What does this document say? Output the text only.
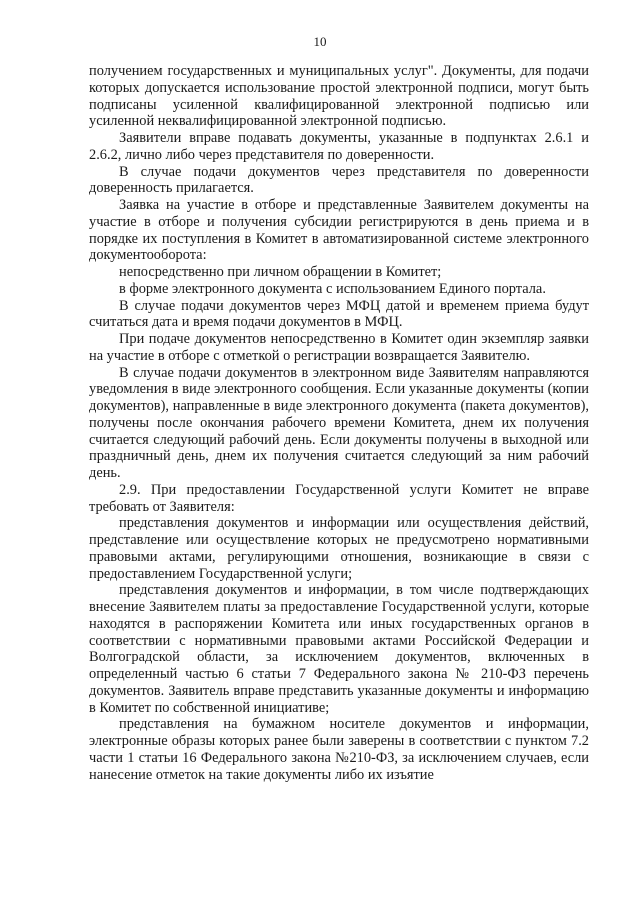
10

получением государственных и муниципальных услуг". Документы, для подачи которых допускается использование простой электронной подписи, могут быть подписаны усиленной квалифицированной электронной подписью или усиленной неквалифицированной электронной подписью.

Заявители вправе подавать документы, указанные в подпунктах 2.6.1 и 2.6.2, лично либо через представителя по доверенности.

В случае подачи документов через представителя по доверенности доверенность прилагается.

Заявка на участие в отборе и представленные Заявителем документы на участие в отборе и получения субсидии регистрируются в день приема и в порядке их поступления в Комитет в автоматизированной системе электронного документооборота:

непосредственно при личном обращении в Комитет;

в форме электронного документа с использованием Единого портала.

В случае подачи документов через МФЦ датой и временем приема будут считаться дата и время подачи документов в МФЦ.

При подаче документов непосредственно в Комитет один экземпляр заявки на участие в отборе с отметкой о регистрации возвращается Заявителю.

В случае подачи документов в электронном виде Заявителям направляются уведомления в виде электронного сообщения. Если указанные документы (копии документов), направленные в виде электронного документа (пакета документов), получены после окончания рабочего времени Комитета, днем их получения считается следующий рабочий день. Если документы получены в выходной или праздничный день, днем их получения считается следующий за ним рабочий день.

2.9. При предоставлении Государственной услуги Комитет не вправе требовать от Заявителя:

представления документов и информации или осуществления действий, представление или осуществление которых не предусмотрено нормативными правовыми актами, регулирующими отношения, возникающие в связи с предоставлением Государственной услуги;

представления документов и информации, в том числе подтверждающих внесение Заявителем платы за предоставление Государственной услуги, которые находятся в распоряжении Комитета или иных государственных органов в соответствии с нормативными правовыми актами Российской Федерации и Волгоградской области, за исключением документов, включенных в определенный частью 6 статьи 7 Федерального закона № 210-ФЗ перечень документов. Заявитель вправе представить указанные документы и информацию в Комитет по собственной инициативе;

представления на бумажном носителе документов и информации, электронные образы которых ранее были заверены в соответствии с пунктом 7.2 части 1 статьи 16 Федерального закона №210-ФЗ, за исключением случаев, если нанесение отметок на такие документы либо их изъятие
